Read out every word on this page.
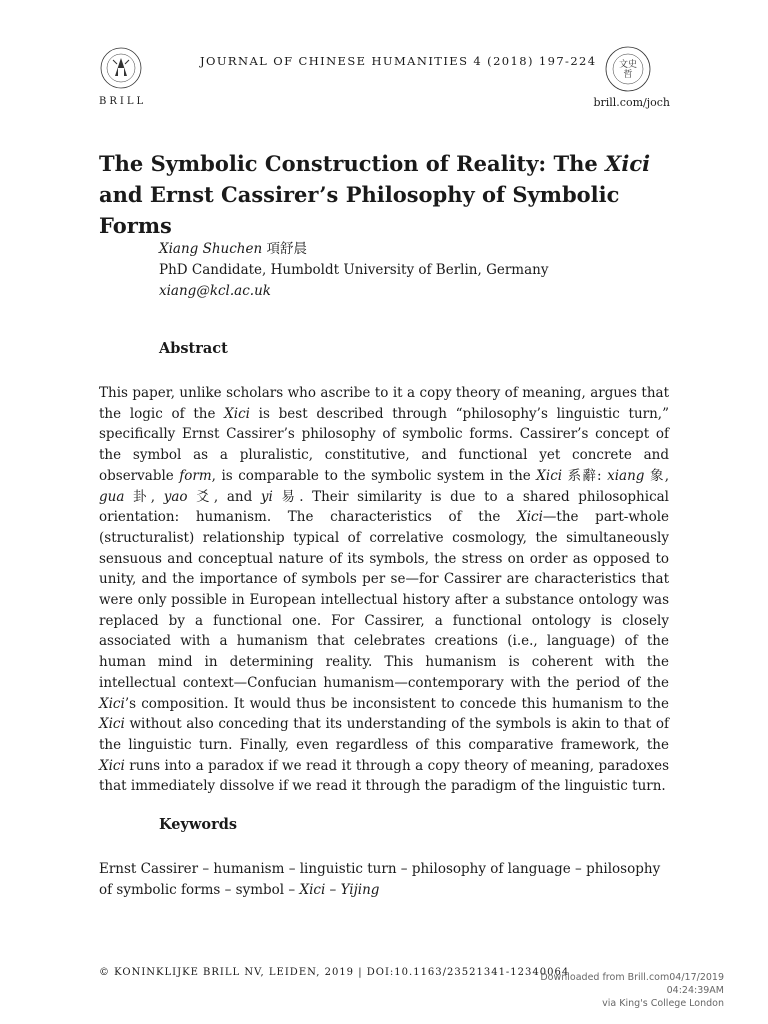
BRILL
JOURNAL OF CHINESE HUMANITIES 4 (2018) 197-224	文史
哲
brill.com/joch
The Symbolic Construction of Reality: The Xici and Ernst Cassirer’s Philosophy of Symbolic Forms
Xiang Shuchen 項舒晨
PhD Candidate, Humboldt University of Berlin, Germany
xiang@kcl.ac.uk
Abstract

This paper, unlike scholars who ascribe to it a copy theory of meaning, argues that the logic of the Xici is best described through “philosophy’s linguistic turn,” specifically Ernst Cassirer’s philosophy of symbolic forms. Cassirer’s concept of the symbol as a pluralistic, constitutive, and functional yet concrete and observable form, is comparable to the symbolic system in the Xici 系辭: xiang 象, gua 卦, yao 爻, and yi 易. Their similarity is due to a shared philosophical orientation: humanism. The characteristics of the Xici—the part-whole (structuralist) relationship typical of correlative cosmology, the simultaneously sensuous and conceptual nature of its symbols, the stress on order as opposed to unity, and the importance of symbols per se—for Cassirer are characteristics that were only possible in European intellectual history after a substance ontology was replaced by a functional one. For Cassirer, a functional ontology is closely associated with a humanism that celebrates creations (i.e., language) of the human mind in determining reality. This humanism is coherent with the intellectual context—Confucian humanism—contemporary with the period of the Xici’s composition. It would thus be inconsistent to concede this humanism to the Xici without also conceding that its understanding of the symbols is akin to that of the linguistic turn. Finally, even regardless of this comparative framework, the Xici runs into a paradox if we read it through a copy theory of meaning, paradoxes that immediately dissolve if we read it through the paradigm of the linguistic turn.

Keywords

Ernst Cassirer – humanism – linguistic turn – philosophy of language – philosophy of symbolic forms – symbol – Xici – Yijing

© KONINKLIJKE BRILL NV, LEIDEN, 2019 | DOI:10.1163/23521341-12340064
Downloaded from Brill.com04/17/2019 04:24:39AM
via King's College London
